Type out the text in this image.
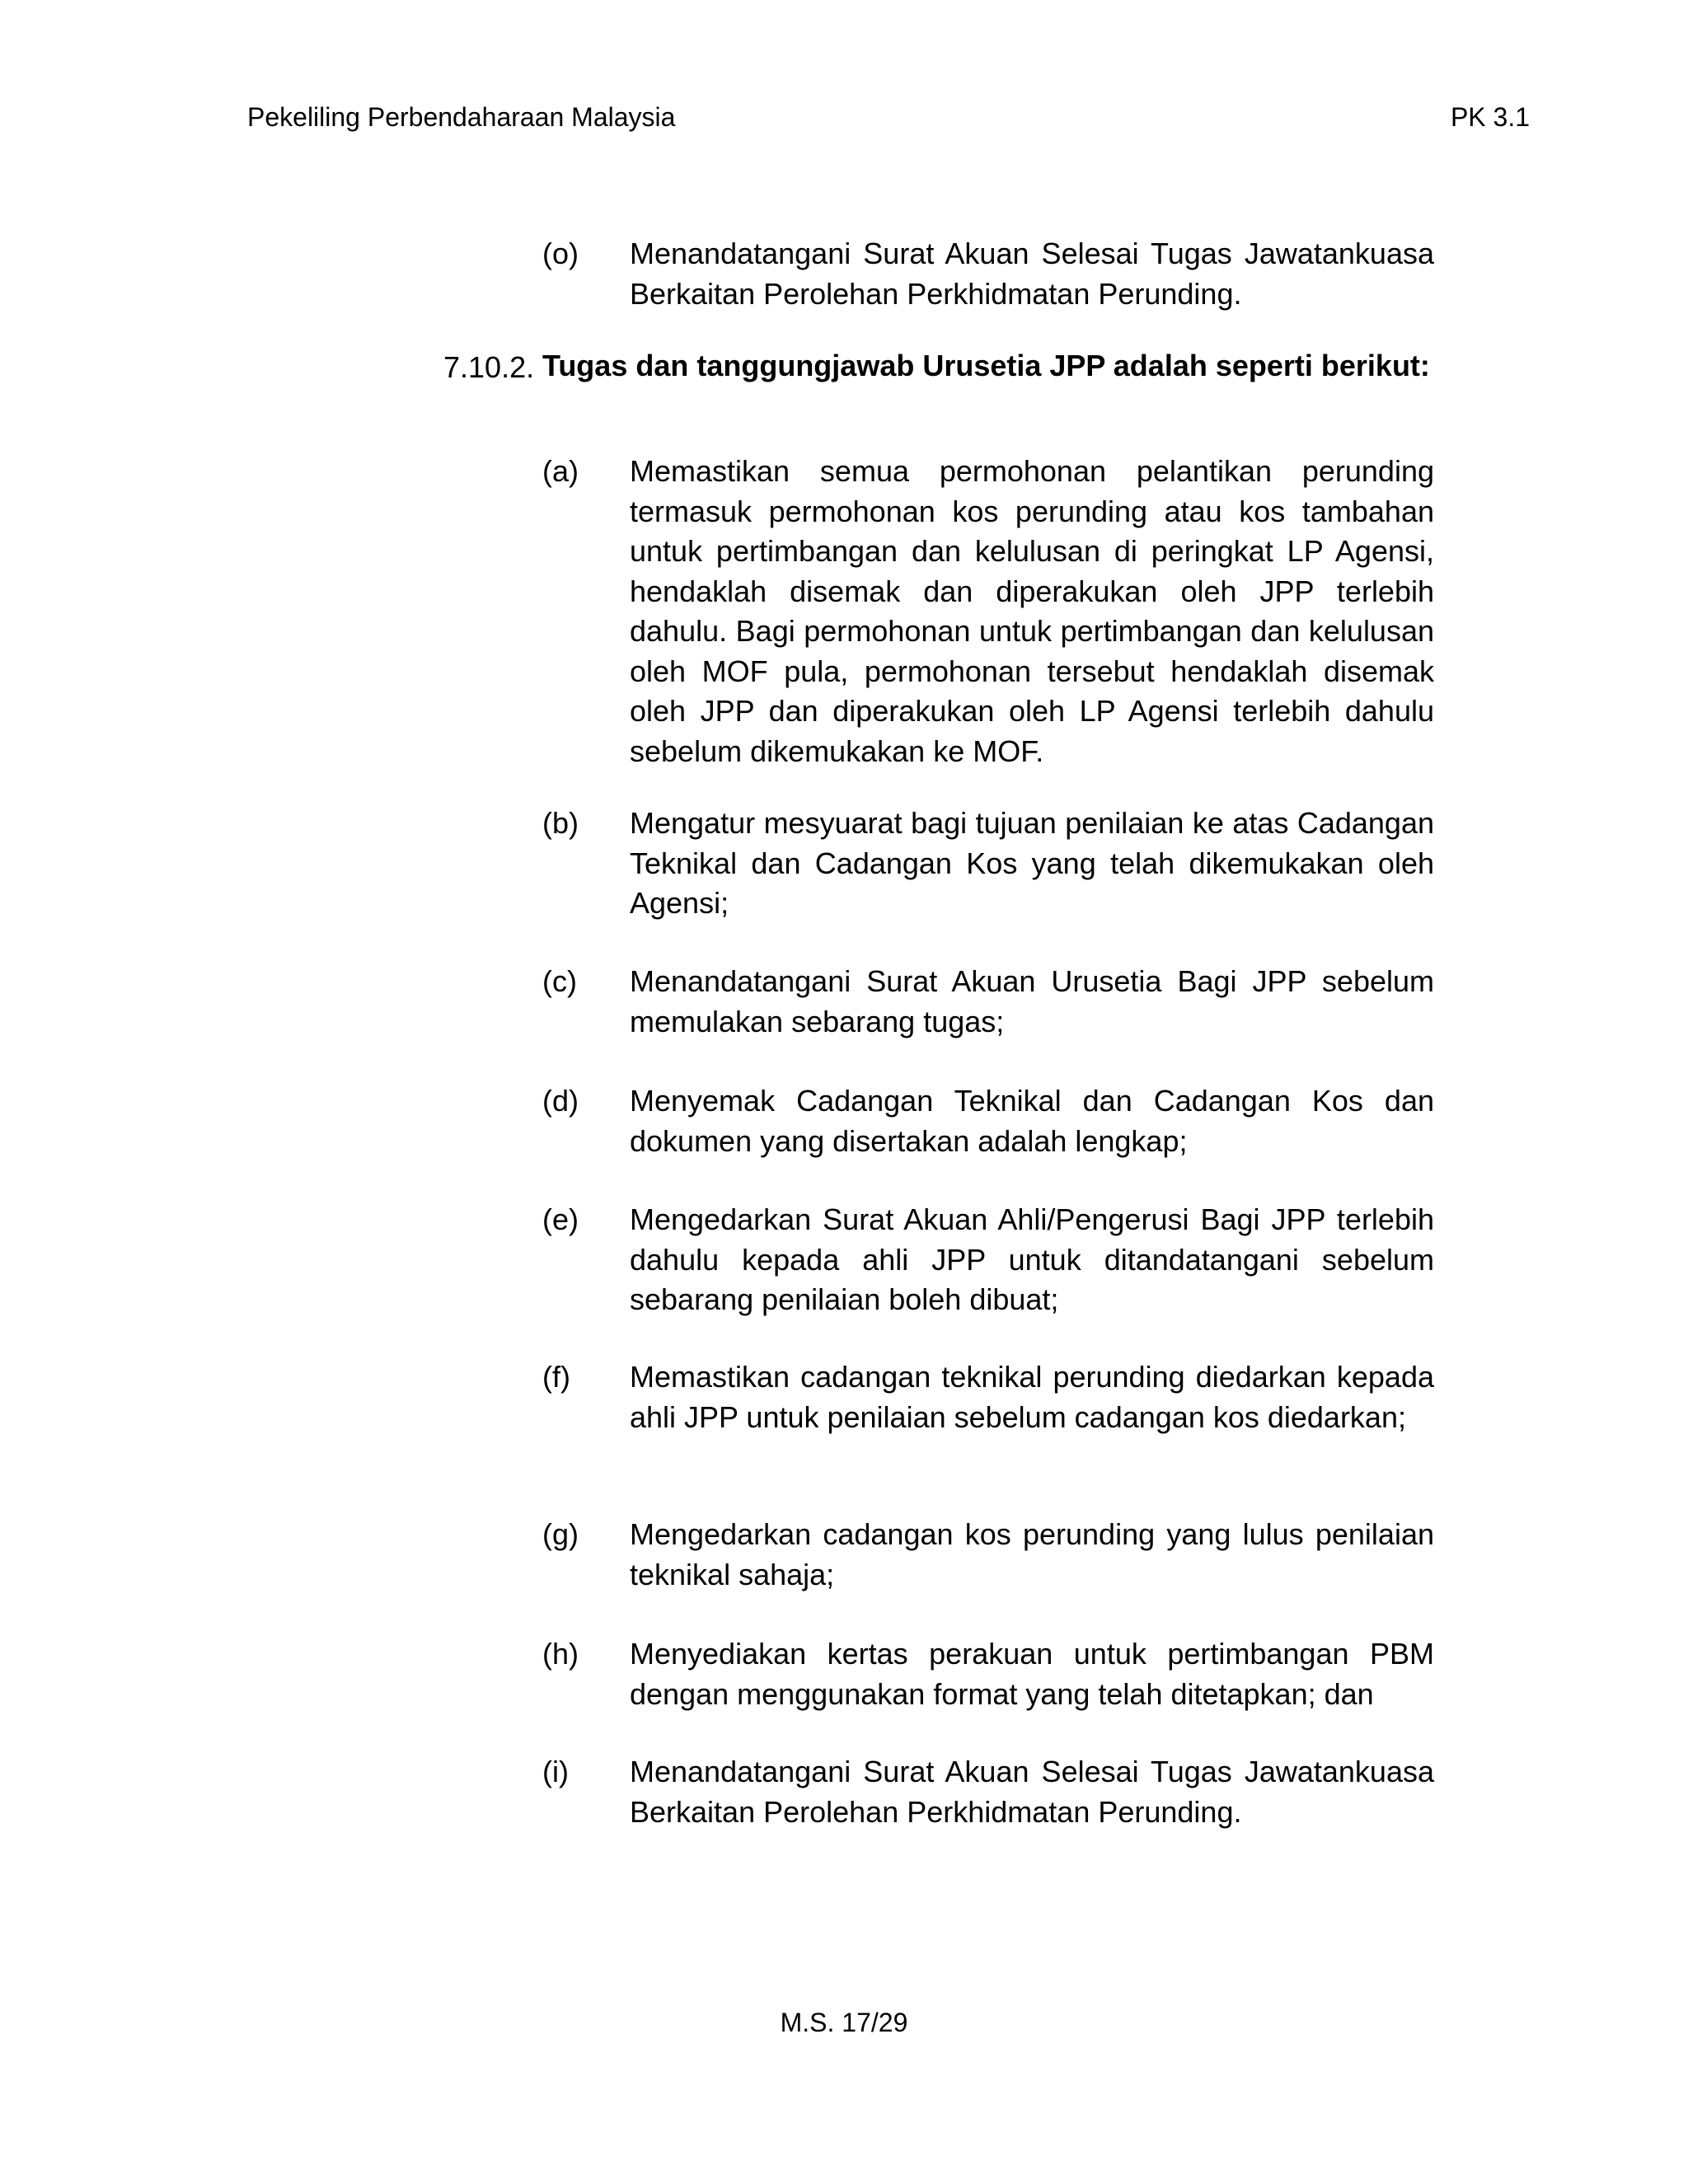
Pekeliling Perbendaharaan Malaysia	PK 3.1
(o) Menandatangani Surat Akuan Selesai Tugas Jawatankuasa Berkaitan Perolehan Perkhidmatan Perunding.
7.10.2. Tugas dan tanggungjawab Urusetia JPP adalah seperti berikut:
(a) Memastikan semua permohonan pelantikan perunding termasuk permohonan kos perunding atau kos tambahan untuk pertimbangan dan kelulusan di peringkat LP Agensi, hendaklah disemak dan diperakukan oleh JPP terlebih dahulu. Bagi permohonan untuk pertimbangan dan kelulusan oleh MOF pula, permohonan tersebut hendaklah disemak oleh JPP dan diperakukan oleh LP Agensi terlebih dahulu sebelum dikemukakan ke MOF.
(b) Mengatur mesyuarat bagi tujuan penilaian ke atas Cadangan Teknikal dan Cadangan Kos yang telah dikemukakan oleh Agensi;
(c) Menandatangani Surat Akuan Urusetia Bagi JPP sebelum memulakan sebarang tugas;
(d) Menyemak Cadangan Teknikal dan Cadangan Kos dan dokumen yang disertakan adalah lengkap;
(e) Mengedarkan Surat Akuan Ahli/Pengerusi Bagi JPP terlebih dahulu kepada ahli JPP untuk ditandatangani sebelum sebarang penilaian boleh dibuat;
(f) Memastikan cadangan teknikal perunding diedarkan kepada ahli JPP untuk penilaian sebelum cadangan kos diedarkan;
(g) Mengedarkan cadangan kos perunding yang lulus penilaian teknikal sahaja;
(h) Menyediakan kertas perakuan untuk pertimbangan PBM dengan menggunakan format yang telah ditetapkan; dan
(i) Menandatangani Surat Akuan Selesai Tugas Jawatankuasa Berkaitan Perolehan Perkhidmatan Perunding.
M.S. 17/29
